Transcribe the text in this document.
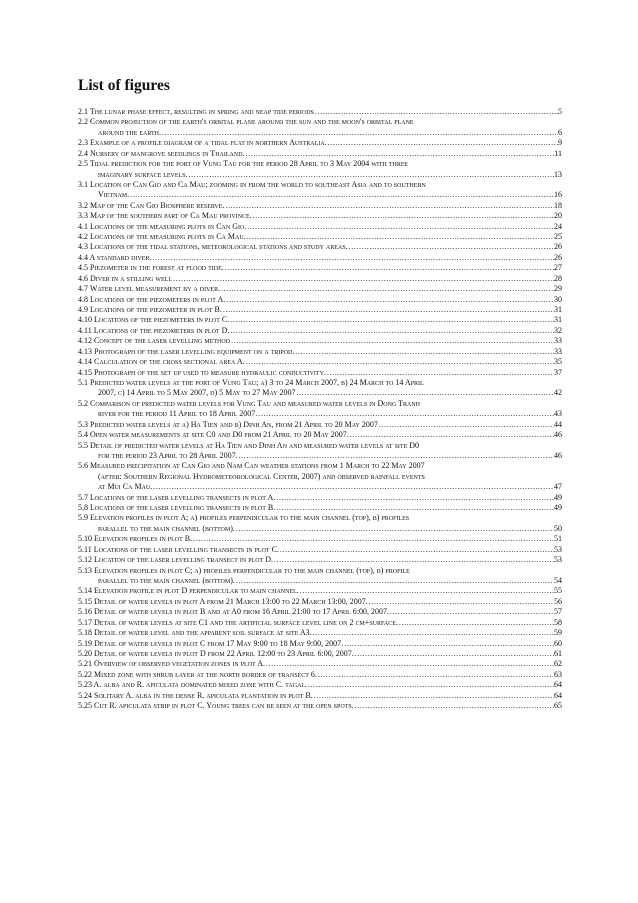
List of figures
2.1 The lunar phase effect, resulting in spring and neap tide periods .....	5
2.2 Common projection of the earth's orbital plane around the sun and the moon's orbital plane
around the earth. .....	6
2.3 Example of a profile diagram of a tidal flat in northern Australia. .....	9
2.4 Nursery of mangrove seedlings in Thailand. .....	11
2.5 Tidal prediction for the port of Vung Tau for the period 28 April to 3 May 2004 with three
imaginary surface levels. .....	13
3.1 Location of Can Gio and Ca Mau; zooming in from the world to southeast Asia and to southern
Vietnam. .....	16
3.2 Map of the Can Gio Biosphere reserve. .....	18
3.3 Map of the southern part of Ca Mau province. .....	20
4.1 Locations of the measuring plots in Can Gio. .....	24
4.2 Locations of the measuring plots in Ca Mau. .....	25
4.3 Locations of the tidal stations, meteorological stations and study areas. .....	26
4.4 A standard diver. .....	26
4.5 Piezometer in the forest at flood tide. .....	27
4.6 Diver in a stilling well .....	28
4.7 Water level measurement by a diver. .....	29
4.8 Locations of the piezometers in plot A. .....	30
4.9 Locations of the piezometer in plot B. .....	31
4.10 Locations of the piezometers in plot C. .....	31
4.11 Locations of the piezometers in plot D. .....	32
4.12 Concept of the laser levelling method .....	33
4.13 Photograph of the laser levelling equipment on a tripod. .....	33
4.14 Calculation of the cross sectional area A. .....	35
4.15 Photograph of the set up used to measure hydraulic conductivity. .....	37
5.1 Predicted water levels at the port of Vung Tau; a) 3 to 24 March 2007, b) 24 March to 14 April
2007, c) 14 April to 5 May 2007, d) 5 May to 27 May 2007 .....	42
5.2 Comparison of predicted water levels for Vung Tau and measured water levels in Dong Tranh
river for the period 11 April to 18 April 2007. .....	43
5.3 Predicted water levels at a) Ha Tien and b) Dinh An, from 21 April to 20 May 2007 .....	44
5.4 Open water measurements at site C0 and D0 from 21 April to 20 May 2007. .....	46
5.5 Detail of predicted water levels at Ha Tien and Dinh An and measured water levels at site D0
for the period 23 April to 28 April 2007. .....	46
5.6 Measured precipitation at Can Gio and Nam Can weather stations from 1 March to 22 May 2007
(after: Southern Regional Hydrometeorological Center, 2007) and observed rainfall events
at Mui Ca Mau. .....	47
5.7 Locations of the laser levelling transects in plot A. .....	49
5.8 Locations of the laser levelling transects in plot B. .....	49
5.9 Elevation profiles in plot A; a) profiles perpendicular to the main channel (top), b) profiles
parallel to the main channel (bottom). .....	50
5.10 Elevation profiles in plot B. .....	51
5.11 Locations of the laser levelling transects in plot C. .....	53
5.12 Location of the laser levelling transect in plot D. .....	53
5.13 Elevation profiles in plot C; a) profiles perpendicular to the main channel (top), b) profile
parallel to the main channel (bottom). .....	54
5.14 Elevation profile in plot D perpendicular to main channel. .....	55
5.15 Detail of water levels in plot A from 21 March 13:00 to 22 March 13:00, 2007. .....	56
5.16 Detail of water levels in plot B and at A0 from 16 April 21:00 to 17 April 6:00, 2007. .....	57
5.17 Detail of water levels at site C1 and the artificial surface level line on 2 cm+surface. .....	58
5.18 Detail of water level and the apparent soil surface at site A3. .....	59
5.19 Detail of water levels in plot C from 17 May 9:00 to 18 May 9:00, 2007. .....	60
5.20 Detail of water levels in plot D from 22 April 12:00 to 23 April 6:00, 2007. .....	61
5.21 Overview of observed vegetation zones in plot A. .....	62
5.22 Mixed zone with shrub layer at the north border of transect 6. .....	63
5.23 A. alba and R. apiculata dominated mixed zone with C. tagal. .....	64
5.24 Solitary A. alba in the dense R. apiculata plantation in plot B. .....	64
5.25 Cut R. apiculata strip in plot C. Young trees can be seen at the open spots. .....	65
